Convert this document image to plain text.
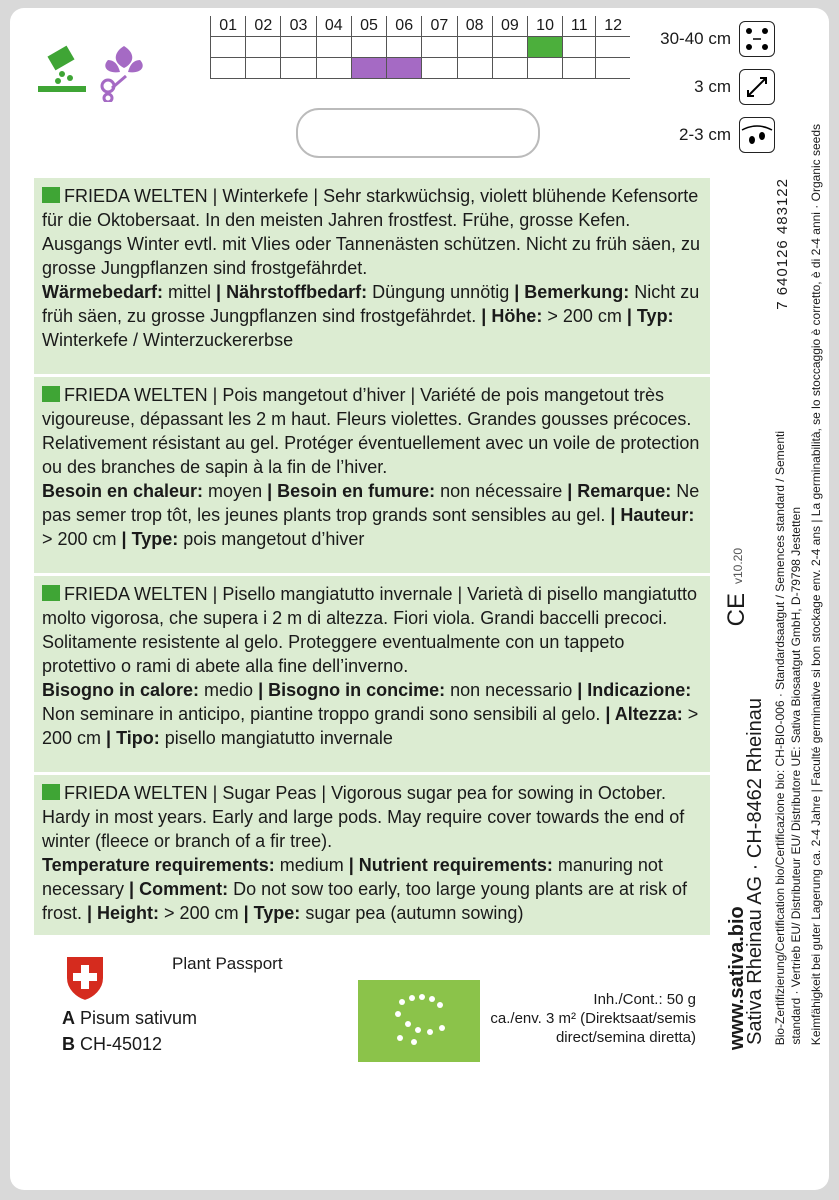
01	02	03	04	05	06	07	08	09	10	11	12

30-40 cm
3 cm
2-3 cm

FRIEDA WELTEN | Winterkefe | Sehr starkwüchsig, violett blühende Kefensorte für die Oktobersaat. In den meisten Jahren frostfest. Frühe, grosse Kefen. Ausgangs Winter evtl. mit Vlies oder Tannenästen schützen. Nicht zu früh säen, zu grosse Jungpflanzen sind frostgefährdet.

Wärmebedarf: mittel | Nährstoffbedarf: Düngung unnötig | Bemerkung: Nicht zu früh säen, zu grosse Jungpflanzen sind frostgefährdet. | Höhe: > 200 cm | Typ: Winterkefe / Winterzuckererbse

FRIEDA WELTEN | Pois mangetout d’hiver | Variété de pois mangetout très vigoureuse, dépassant les 2 m haut. Fleurs violettes. Grandes gousses précoces. Relativement résistant au gel. Protéger éventuellement avec un voile de protection ou des branches de sapin à la fin de l’hiver.

Besoin en chaleur: moyen | Besoin en fumure: non nécessaire | Remarque: Ne pas semer trop tôt, les jeunes plants trop grands sont sensibles au gel. | Hauteur: > 200 cm | Type: pois mangetout d’hiver

FRIEDA WELTEN | Pisello mangiatutto invernale | Varietà di pisello mangiatutto molto vigorosa, che supera i 2 m di altezza. Fiori viola. Grandi baccelli precoci. Solitamente resistente al gelo. Proteggere eventualmente con un tappeto protettivo o rami di abete alla fine dell’inverno.

Bisogno in calore: medio | Bisogno in concime: non necessario | Indicazione: Non seminare in anticipo, piantine troppo grandi sono sensibili al gelo. | Altezza: > 200 cm | Tipo: pisello mangiatutto invernale

FRIEDA WELTEN | Sugar Peas | Vigorous sugar pea for sowing in October. Hardy in most years. Early and large pods. May require cover towards the end of winter (fleece or branch of a fir tree).

Temperature requirements: medium | Nutrient requirements: manuring not necessary | Comment: Do not sow too early, too large young plants are at risk of frost. | Height: > 200 cm | Type: sugar pea (autumn sowing)

Plant Passport
A Pisum sativum
B CH-45012
Inh./Cont.: 50 g
ca./env. 3 m² (Direktsaat/semis
direct/semina diretta) www.sativa.bio
v10.20
CE
Sativa Rheinau AG · CH-8462 Rheinau Bio-Zertifizierung/Certification bio/Certificazione bio: CH-BIO-006 · Standardsaatgut / Semences standard / Sementi standard · Vertrieb EU/ Distributeur EU/ Distributore UE: Sativa Biosaatgut GmbH, D-79798 Jestetten Keimfähigkeit bei guter Lagerung ca. 2-4 Jahre | Faculté germinative si bon stockage env. 2-4 ans | La germinabilità, se lo stoccaggio è corretto, è di 2-4 anni · Organic seeds
7 640126 483122
